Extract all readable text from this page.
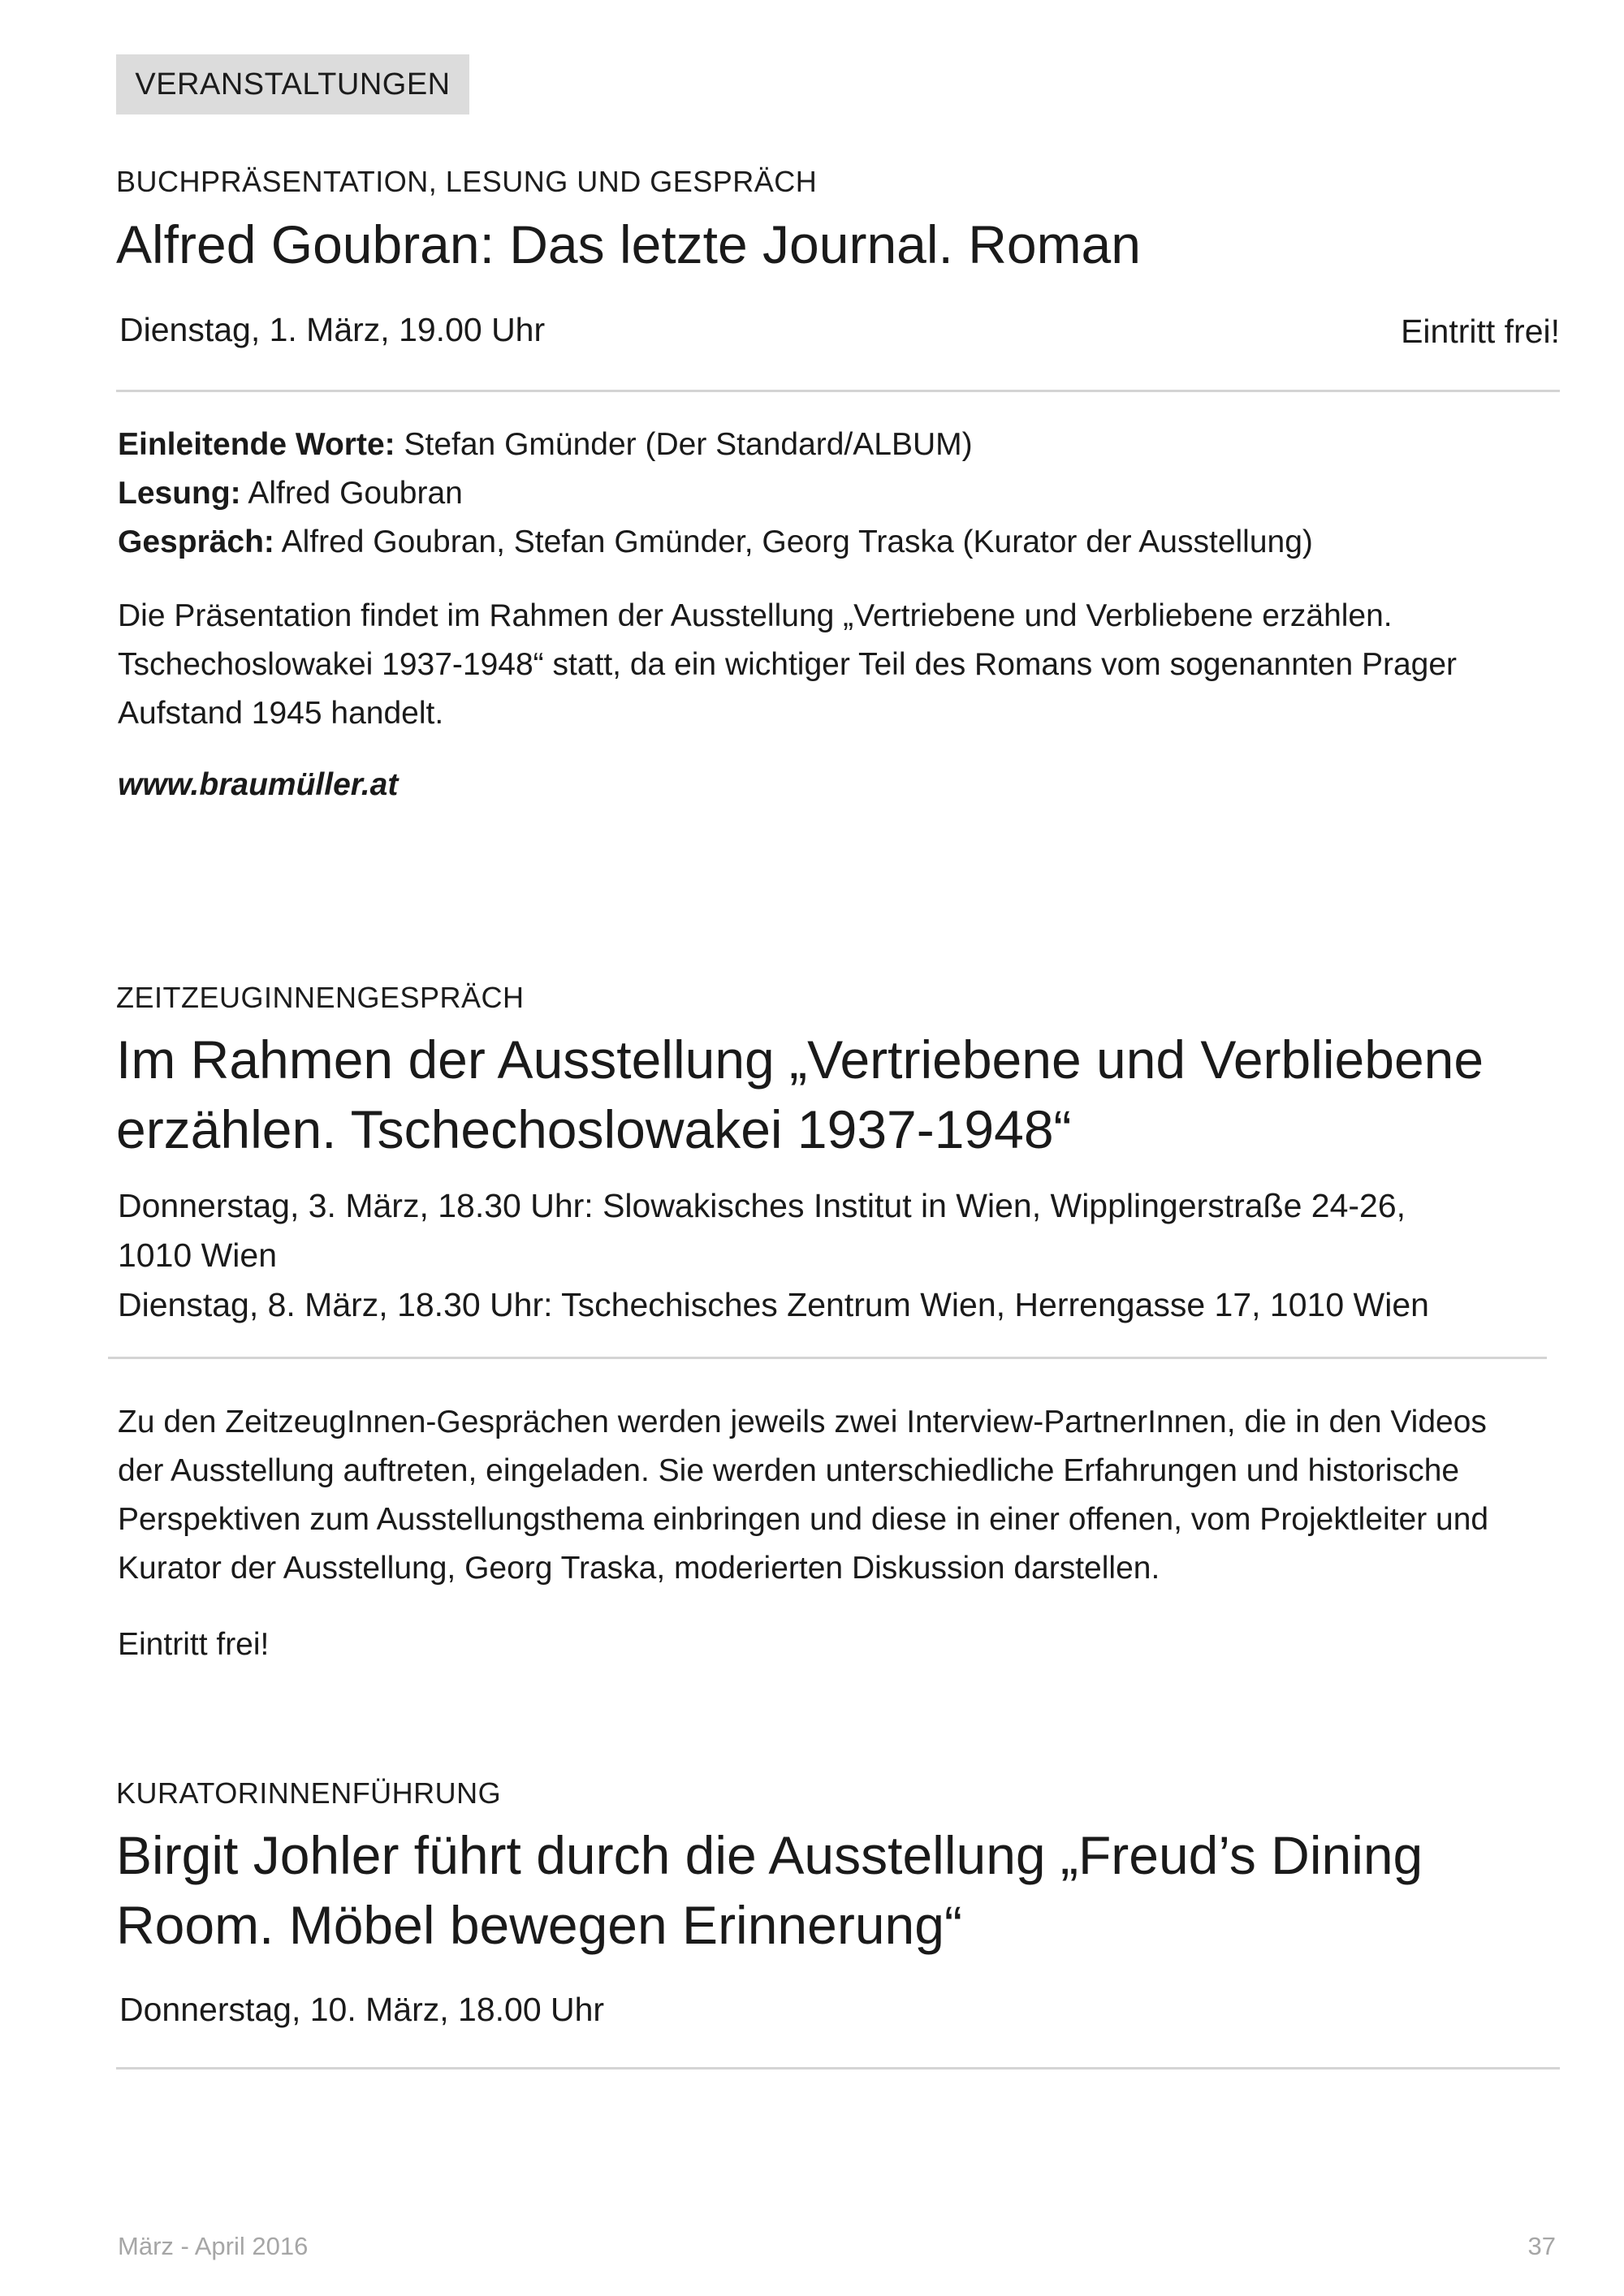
VERANSTALTUNGEN
BUCHPRÄSENTATION, LESUNG UND GESPRÄCH
Alfred Goubran: Das letzte Journal. Roman
Dienstag, 1. März, 19.00 Uhr	Eintritt frei!
Einleitende Worte: Stefan Gmünder (Der Standard/ALBUM)
Lesung: Alfred Goubran
Gespräch: Alfred Goubran, Stefan Gmünder, Georg Traska (Kurator der Ausstellung)
Die Präsentation findet im Rahmen der Ausstellung „Vertriebene und Verbliebene erzählen.
Tschechoslowakei 1937-1948“ statt, da ein wichtiger Teil des Romans vom sogenannten Prager
Aufstand 1945 handelt.
www.braumüller.at
ZEITZEUGINNENGESPRÄCH
Im Rahmen der Ausstellung „Vertriebene und Verbliebene
erzählen. Tschechoslowakei 1937-1948“
Donnerstag, 3. März, 18.30 Uhr: Slowakisches Institut in Wien, Wipplingerstraße 24-26,
1010 Wien
Dienstag, 8. März, 18.30 Uhr: Tschechisches Zentrum Wien, Herrengasse 17, 1010 Wien
Zu den ZeitzeugInnen-Gesprächen werden jeweils zwei Interview-PartnerInnen, die in den Videos
der Ausstellung auftreten, eingeladen. Sie werden unterschiedliche Erfahrungen und historische
Perspektiven zum Ausstellungsthema einbringen und diese in einer offenen, vom Projektleiter und
Kurator der Ausstellung, Georg Traska, moderierten Diskussion darstellen.
Eintritt frei!
KURATORINNENFÜHRUNG
Birgit Johler führt durch die Ausstellung „Freud’s Dining
Room. Möbel bewegen Erinnerung“
Donnerstag, 10. März, 18.00 Uhr
März - April 2016	37
